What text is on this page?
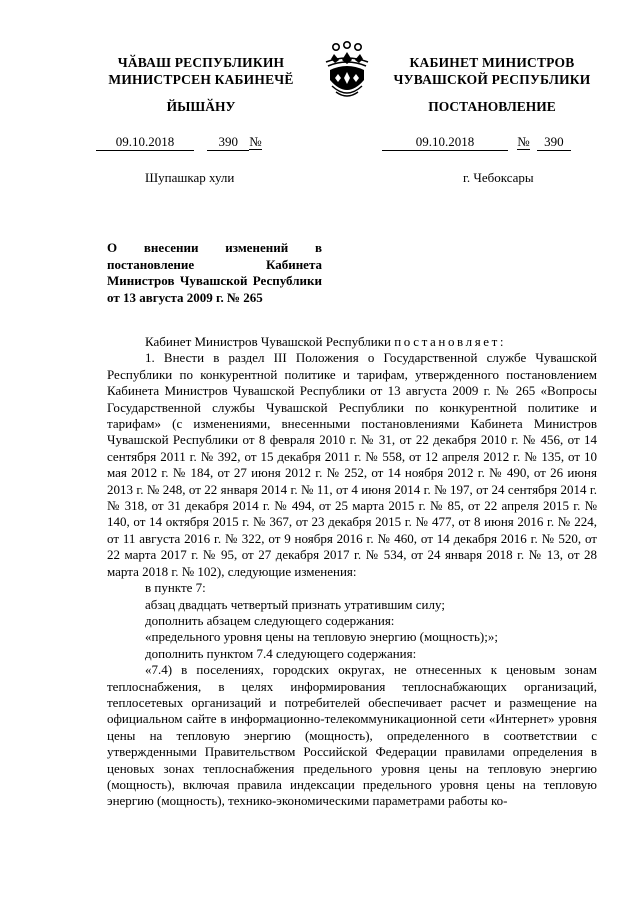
ЧӐВАШ РЕСПУБЛИКИН
МИНИСТРСЕН КАБИНЕЧӖ
ЙЫШӐНУ
КАБИНЕТ МИНИСТРОВ
ЧУВАШСКОЙ РЕСПУБЛИКИ
ПОСТАНОВЛЕНИЕ
09.10.2018	390 №	09.10.2018	№ 390
Шупашкар хули	г. Чебоксары
О внесении изменений в постановление Кабинета Министров Чувашской Республики от 13 августа 2009 г. № 265

Кабинет Министров Чувашской Республики постановляет:

1. Внести в раздел III Положения о Государственной службе Чувашской Республики по конкурентной политике и тарифам, утвержденного постановлением Кабинета Министров Чувашской Республики от 13 августа 2009 г. № 265 «Вопросы Государственной службы Чувашской Республики по конкурентной политике и тарифам» (с изменениями, внесенными постановлениями Кабинета Министров Чувашской Республики от 8 февраля 2010 г. № 31, от 22 декабря 2010 г. № 456, от 14 сентября 2011 г. № 392, от 15 декабря 2011 г. № 558, от 12 апреля 2012 г. № 135, от 10 мая 2012 г. № 184, от 27 июня 2012 г. № 252, от 14 ноября 2012 г. № 490, от 26 июня 2013 г. № 248, от 22 января 2014 г. № 11, от 4 июня 2014 г. № 197, от 24 сентября 2014 г. № 318, от 31 декабря 2014 г. № 494, от 25 марта 2015 г. № 85, от 22 апреля 2015 г. № 140, от 14 октября 2015 г. № 367, от 23 декабря 2015 г. № 477, от 8 июня 2016 г. № 224, от 11 августа 2016 г. № 322, от 9 ноября 2016 г. № 460, от 14 декабря 2016 г. № 520, от 22 марта 2017 г. № 95, от 27 декабря 2017 г. № 534, от 24 января 2018 г. № 13, от 28 марта 2018 г. № 102), следующие изменения:

в пункте 7:

абзац двадцать четвертый признать утратившим силу;

дополнить абзацем следующего содержания:

«предельного уровня цены на тепловую энергию (мощность);»;

дополнить пунктом 7.4 следующего содержания:

«7.4) в поселениях, городских округах, не отнесенных к ценовым зонам теплоснабжения, в целях информирования теплоснабжающих организаций, теплосетевых организаций и потребителей обеспечивает расчет и размещение на официальном сайте в информационно-телекоммуникационной сети «Интернет» уровня цены на тепловую энергию (мощность), определенного в соответствии с утвержденными Правительством Российской Федерации правилами определения в ценовых зонах теплоснабжения предельного уровня цены на тепловую энергию (мощность), включая правила индексации предельного уровня цены на тепловую энергию (мощность), технико-экономическими параметрами работы ко-
